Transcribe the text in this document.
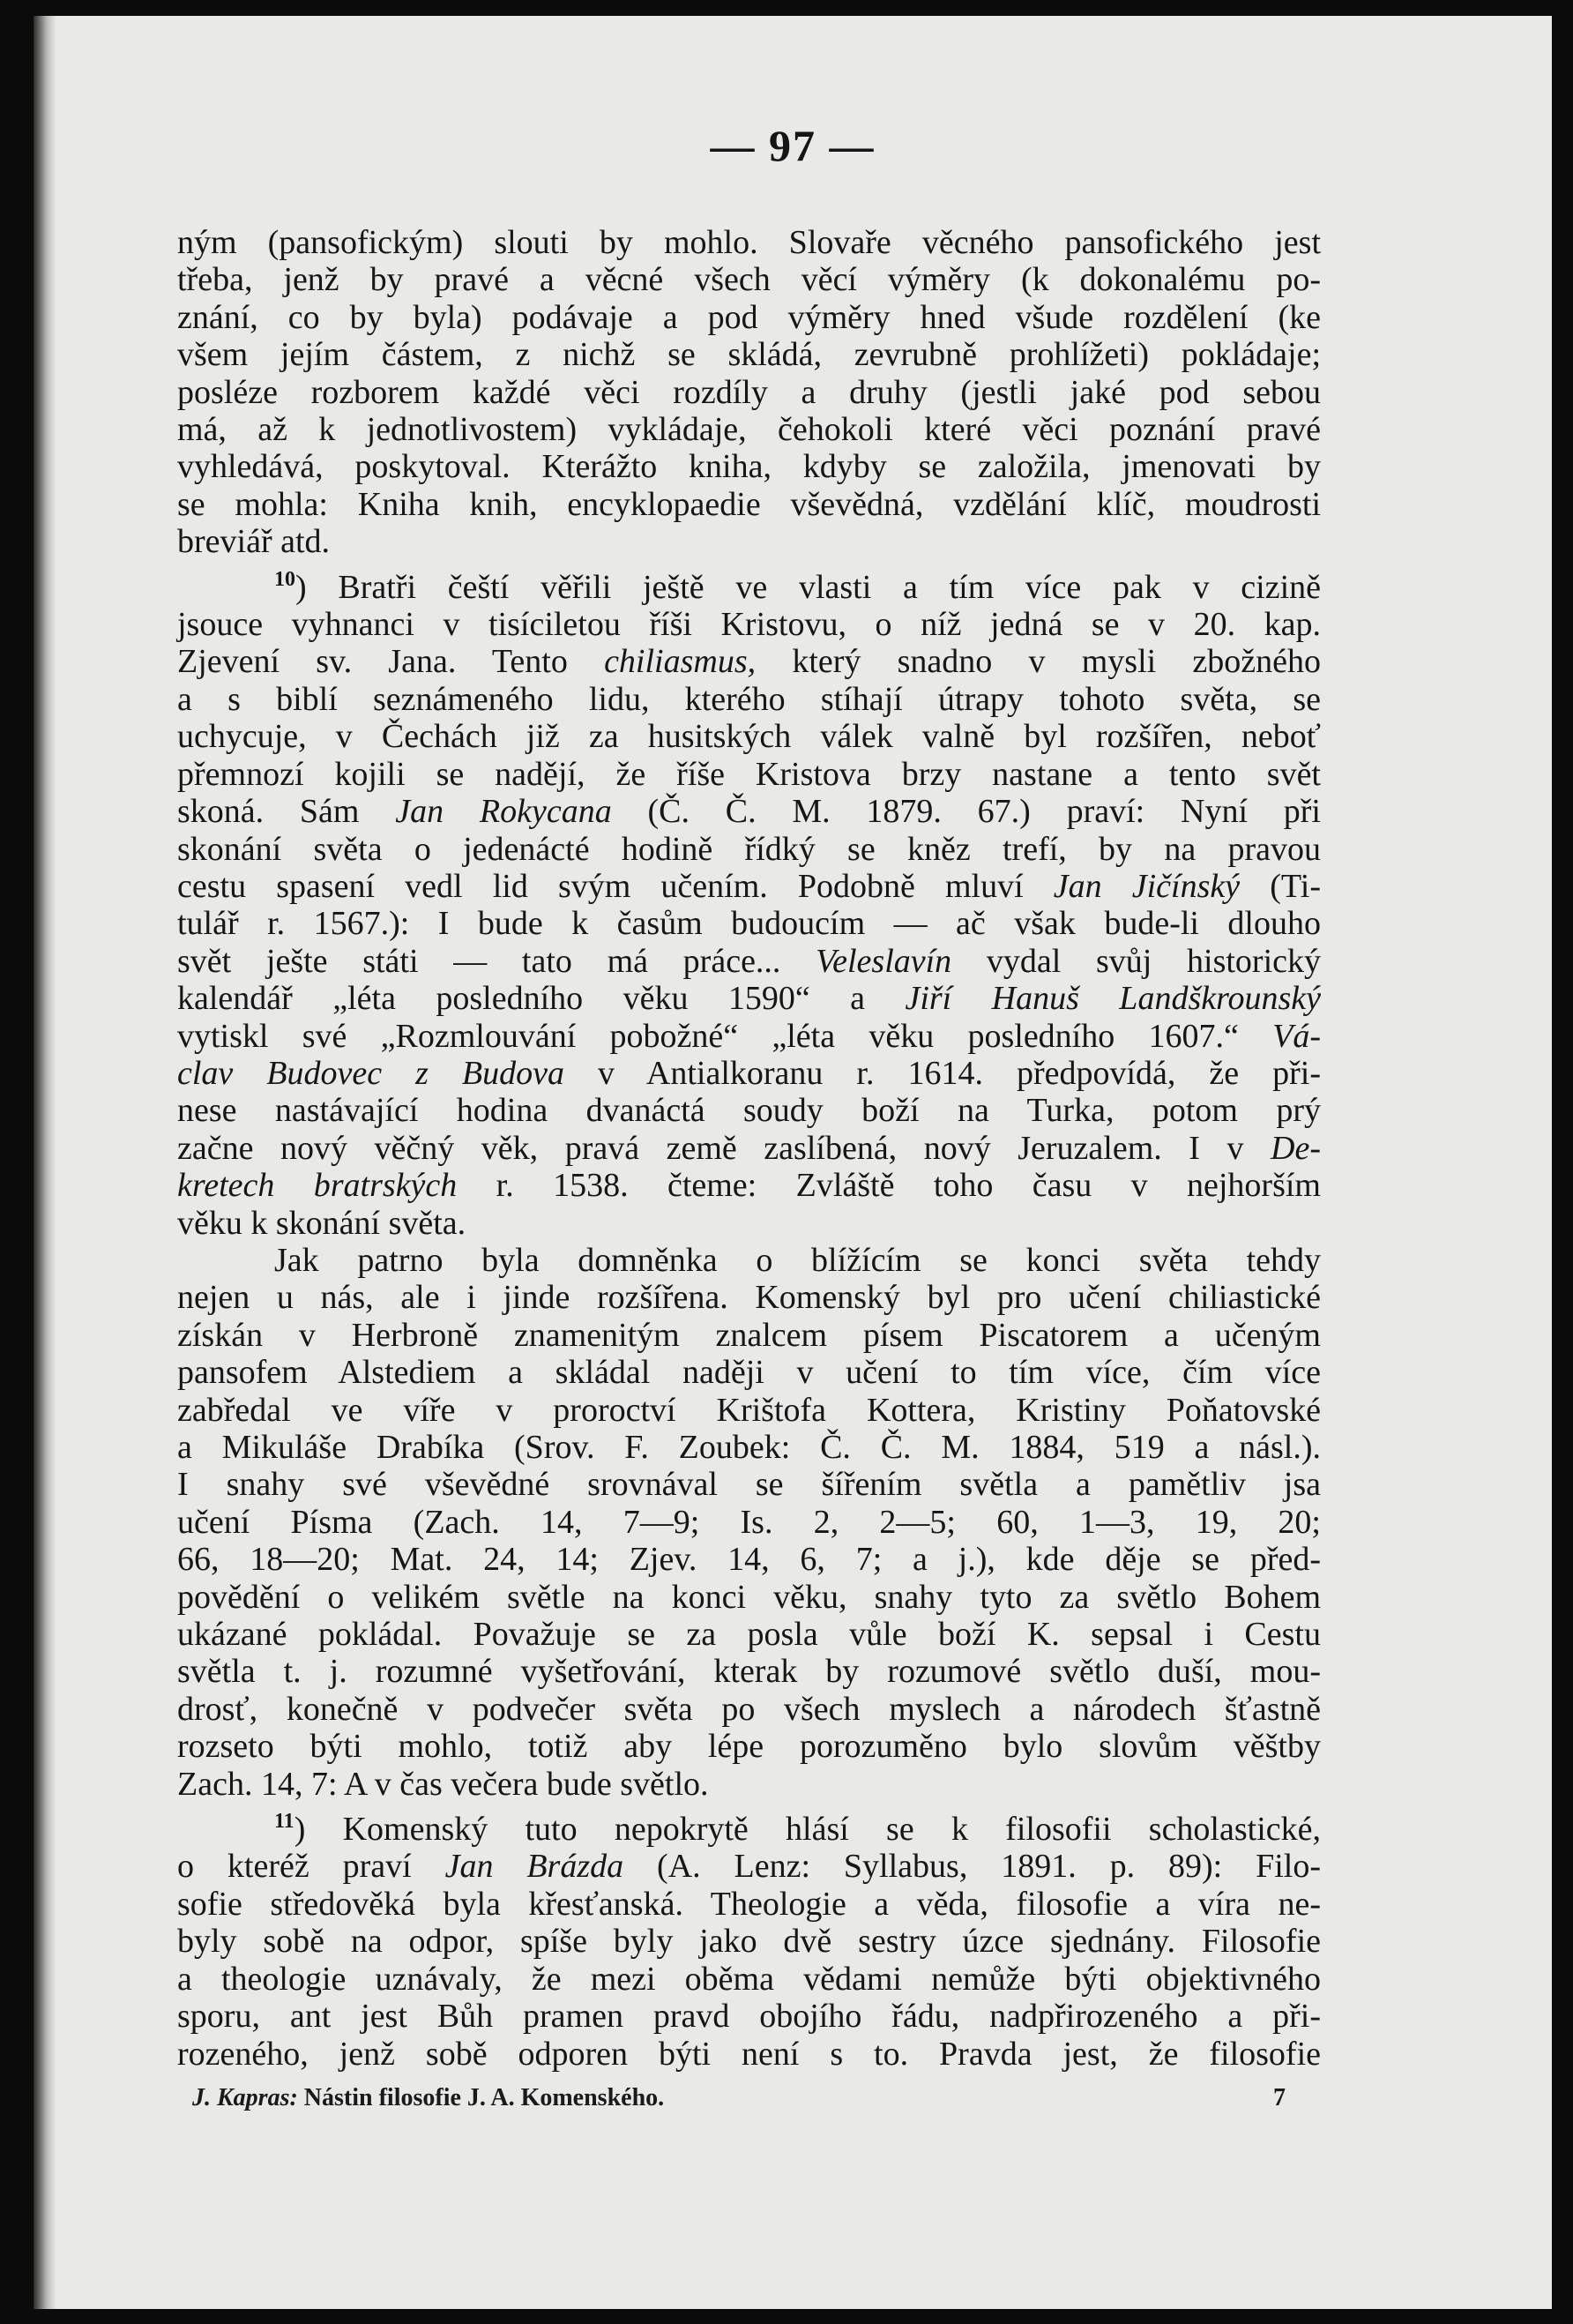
— 97 —
ným (pansofickým) slouti by mohlo. Slovaře věcného pansofického jest
třeba, jenž by pravé a věcné všech věcí výměry (k dokonalému po-
znání, co by byla) podávaje a pod výměry hned všude rozdělení (ke
všem jejím částem, z nichž se skládá, zevrubně prohlížeti) pokládaje;
posléze rozborem každé věci rozdíly a druhy (jestli jaké pod sebou
má, až k jednotlivostem) vykládaje, čehokoli které věci poznání pravé
vyhledává, poskytoval. Kterážto kniha, kdyby se založila, jmenovati by
se mohla: Kniha knih, encyklopaedie vševědná, vzdělání klíč, moudrosti
breviář atd.
$^{10}$) Bratři čeští věřili ještě ve vlasti a tím více pak v cizině
jsouce vyhnanci v tisíciletou říši Kristovu, o níž jedná se v 20. kap.
Zjevení sv. Jana. Tento chiliasmus, který snadno v mysli zbožného
a s biblí seznámeného lidu, kterého stíhají útrapy tohoto světa, se
uchycuje, v Čechách již za husitských válek valně byl rozšířen, neboť
přemnozí kojili se nadějí, že říše Kristova brzy nastane a tento svět
skoná. Sám Jan Rokycana (Č. Č. M. 1879. 67.) praví: Nyní při
skonání světa o jedenácté hodině řídký se kněz trefí, by na pravou
cestu spasení vedl lid svým učením. Podobně mluví Jan Jičínský (Ti-
tulář r. 1567.): I bude k časům budoucím — ač však bude-li dlouho
svět ješte státi — tato má práce... Veleslavín vydal svůj historický
kalendář „léta posledního věku 1590“ a Jiří Hanuš Landškrounský
vytiskl své „Rozmlouvání pobožné“ „léta věku posledního 1607.“ Vá-
clav Budovec z Budova v Antialkoranu r. 1614. předpovídá, že při-
nese nastávající hodina dvanáctá soudy boží na Turka, potom prý
začne nový věčný věk, pravá země zaslíbená, nový Jeruzalem. I v De-
kretech bratrských r. 1538. čteme: Zvláště toho času v nejhorším
věku k skonání světa.
Jak patrno byla domněnka o blížícím se konci světa tehdy
nejen u nás, ale i jinde rozšířena. Komenský byl pro učení chiliastické
získán v Herbroně znamenitým znalcem písem Piscatorem a učeným
pansofem Alstediem a skládal naději v učení to tím více, čím více
zabředal ve víře v proroctví Krištofa Kottera, Kristiny Poňatovské
a Mikuláše Drabíka (Srov. F. Zoubek: Č. Č. M. 1884, 519 a násl.).
I snahy své vševědné srovnával se šířením světla a pamětliv jsa
učení Písma (Zach. 14, 7—9; Is. 2, 2—5; 60, 1—3, 19, 20;
66, 18—20; Mat. 24, 14; Zjev. 14, 6, 7; a j.), kde děje se před-
povědění o velikém světle na konci věku, snahy tyto za světlo Bohem
ukázané pokládal. Považuje se za posla vůle boží K. sepsal i Cestu
světla t. j. rozumné vyšetřování, kterak by rozumové světlo duší, mou-
drosť, konečně v podvečer světa po všech myslech a národech šťastně
rozseto býti mohlo, totiž aby lépe porozuměno bylo slovům věštby
Zach. 14, 7: A v čas večera bude světlo.
$^{11}$) Komenský tuto nepokrytě hlásí se k filosofii scholastické,
o kteréž praví Jan Brázda (A. Lenz: Syllabus, 1891. p. 89): Filo-
sofie středověká byla křesťanská. Theologie a věda, filosofie a víra ne-
byly sobě na odpor, spíše byly jako dvě sestry úzce sjednány. Filosofie
a theologie uznávaly, že mezi oběma vědami nemůže býti objektivného
sporu, ant jest Bůh pramen pravd obojího řádu, nadpřirozeného a při-
rozeného, jenž sobě odporen býti není s to. Pravda jest, že filosofie
J. Kapras: Nástin filosofie J. A. Komenského.	7
